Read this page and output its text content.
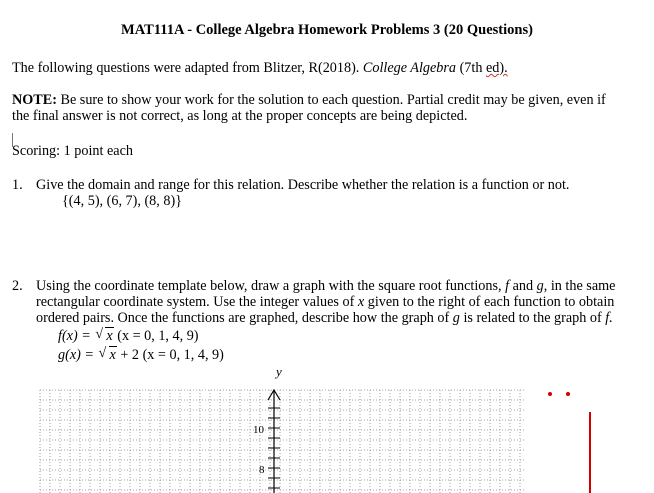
MAT111A - College Algebra Homework Problems 3 (20 Questions)
The following questions were adapted from Blitzer, R(2018). College Algebra (7th ed).
NOTE: Be sure to show your work for the solution to each question. Partial credit may be given, even if
the final answer is not correct, as long at the proper concepts are being depicted.
Scoring: 1 point each
1. Give the domain and range for this relation. Describe whether the relation is a function or not.
{(4, 5), (6, 7), (8, 8)}
2. Using the coordinate template below, draw a graph with the square root functions, f and g, in the same
rectangular coordinate system. Use the integer values of x given to the right of each function to obtain
ordered pairs. Once the functions are graphed, describe how the graph of g is related to the graph of f.
f(x) = √ x (x = 0, 1, 4, 9)
g(x) = √ x + 2 (x = 0, 1, 4, 9)
y
10
8
